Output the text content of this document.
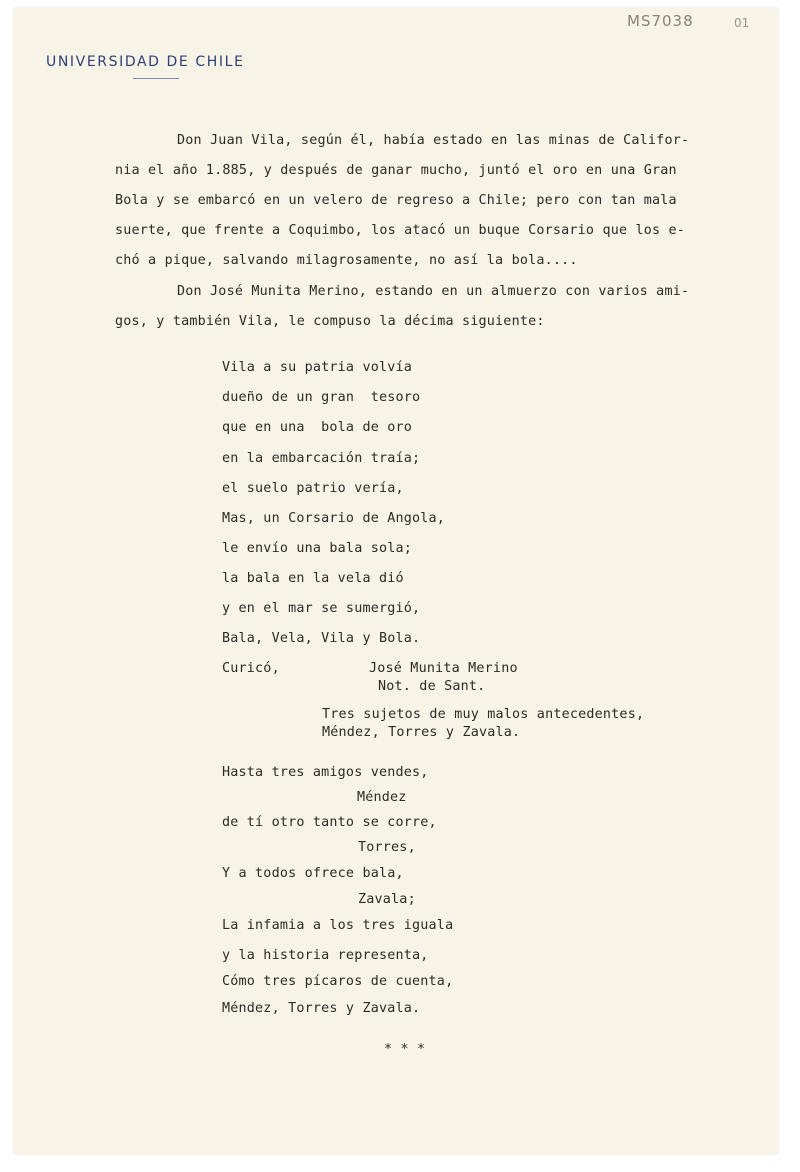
UNIVERSIDAD DE CHILE
MS7038	01
Don Juan Vila, según él, había estado en las minas de Califor-
nia el año 1.885, y después de ganar mucho, juntó el oro en una Gran
Bola y se embarcó en un velero de regreso a Chile; pero con tan mala
suerte, que frente a Coquimbo, los atacó un buque Corsario que los e-
chó a pique, salvando milagrosamente, no así la bola....
Don José Munita Merino, estando en un almuerzo con varios ami-
gos, y también Vila, le compuso la décima siguiente:
Vila a su patria volvía
dueño de un gran  tesoro
que en una  bola de oro
en la embarcación traía;
el suelo patrio vería,
Mas, un Corsario de Angola,
le envío una bala sola;
la bala en la vela dió
y en el mar se sumergió,
Bala, Vela, Vila y Bola.
Curicó,	José Munita Merino
Not. de Sant.
Tres sujetos de muy malos antecedentes,
Méndez, Torres y Zavala.
Hasta tres amigos vendes,
Méndez
de tí otro tanto se corre,
Torres,
Y a todos ofrece bala,
Zavala;
La infamia a los tres iguala
y la historia representa,
Cómo tres pícaros de cuenta,
Méndez, Torres y Zavala.
* * *
